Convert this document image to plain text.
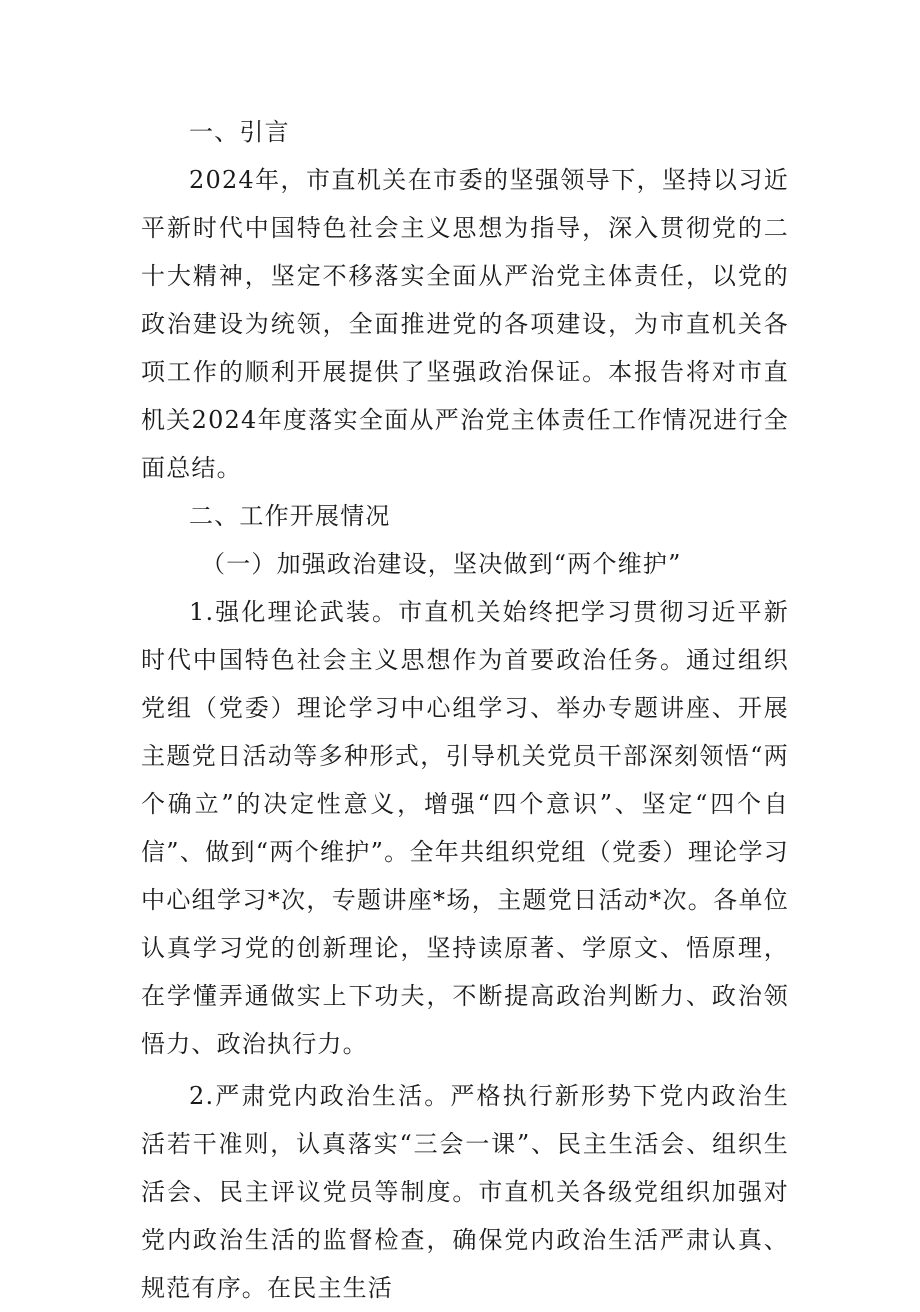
一、引言

2024年，市直机关在市委的坚强领导下，坚持以习近平新时代中国特色社会主义思想为指导，深入贯彻党的二十大精神，坚定不移落实全面从严治党主体责任，以党的政治建设为统领，全面推进党的各项建设，为市直机关各项工作的顺利开展提供了坚强政治保证。本报告将对市直机关2024年度落实全面从严治党主体责任工作情况进行全面总结。

二、工作开展情况

（一）加强政治建设，坚决做到“两个维护”

1.强化理论武装。市直机关始终把学习贯彻习近平新时代中国特色社会主义思想作为首要政治任务。通过组织党组（党委）理论学习中心组学习、举办专题讲座、开展主题党日活动等多种形式，引导机关党员干部深刻领悟“两个确立”的决定性意义，增强“四个意识”、坚定“四个自信”、做到“两个维护”。全年共组织党组（党委）理论学习中心组学习*次，专题讲座*场，主题党日活动*次。各单位认真学习党的创新理论，坚持读原著、学原文、悟原理，在学懂弄通做实上下功夫，不断提高政治判断力、政治领悟力、政治执行力。

2.严肃党内政治生活。严格执行新形势下党内政治生活若干准则，认真落实“三会一课”、民主生活会、组织生活会、民主评议党员等制度。市直机关各级党组织加强对党内政治生活的监督检查，确保党内政治生活严肃认真、规范有序。在民主生活
